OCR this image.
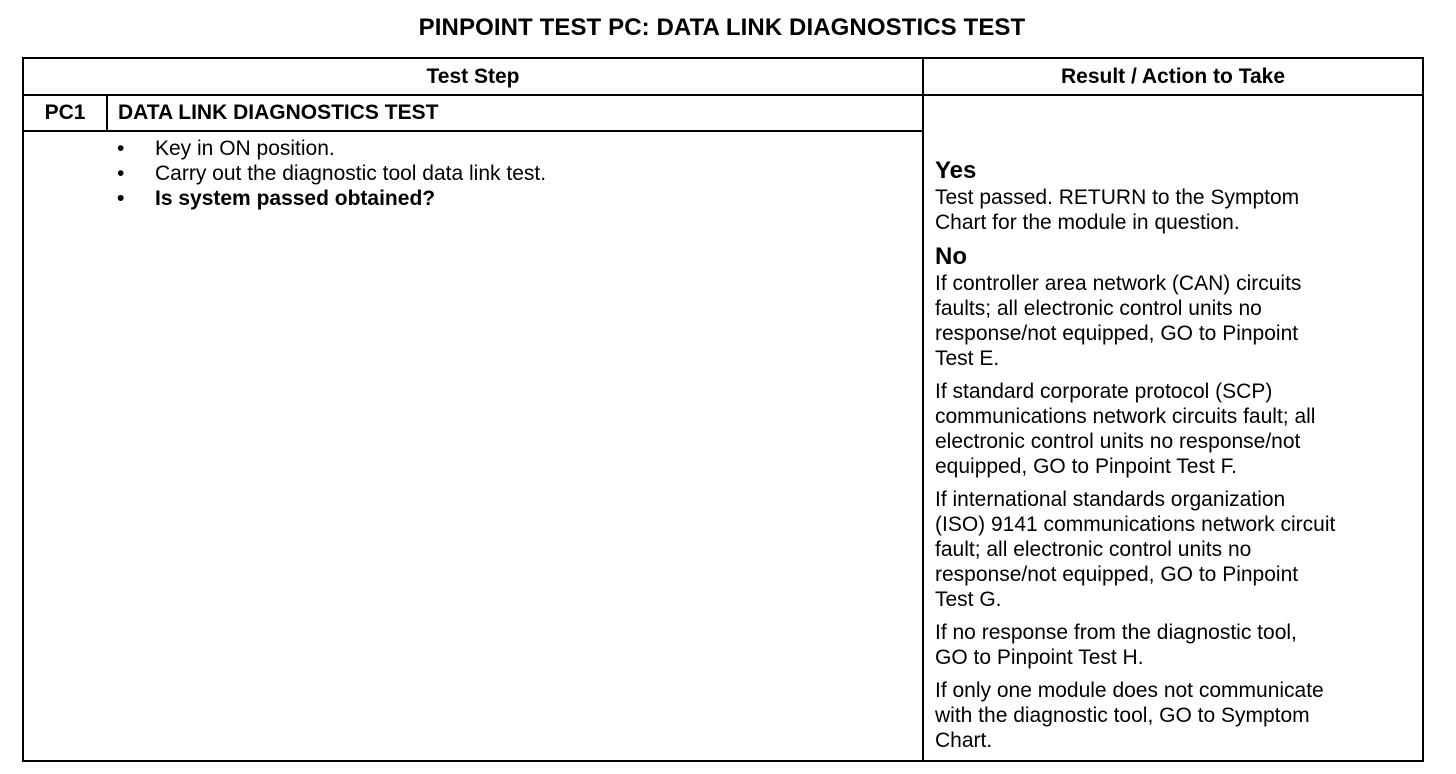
PINPOINT TEST PC: DATA LINK DIAGNOSTICS TEST
Test Step	Result / Action to Take
PC1	DATA LINK DIAGNOSTICS TEST
• Key in ON position.
• Carry out the diagnostic tool data link test.
• Is system passed obtained?
Yes
Test passed. RETURN to the Symptom
Chart for the module in question.
No
If controller area network (CAN) circuits
faults; all electronic control units no
response/not equipped, GO to Pinpoint
Test E.
If standard corporate protocol (SCP)
communications network circuits fault; all
electronic control units no response/not
equipped, GO to Pinpoint Test F.
If international standards organization
(ISO) 9141 communications network circuit
fault; all electronic control units no
response/not equipped, GO to Pinpoint
Test G.
If no response from the diagnostic tool,
GO to Pinpoint Test H.
If only one module does not communicate
with the diagnostic tool, GO to Symptom
Chart.
